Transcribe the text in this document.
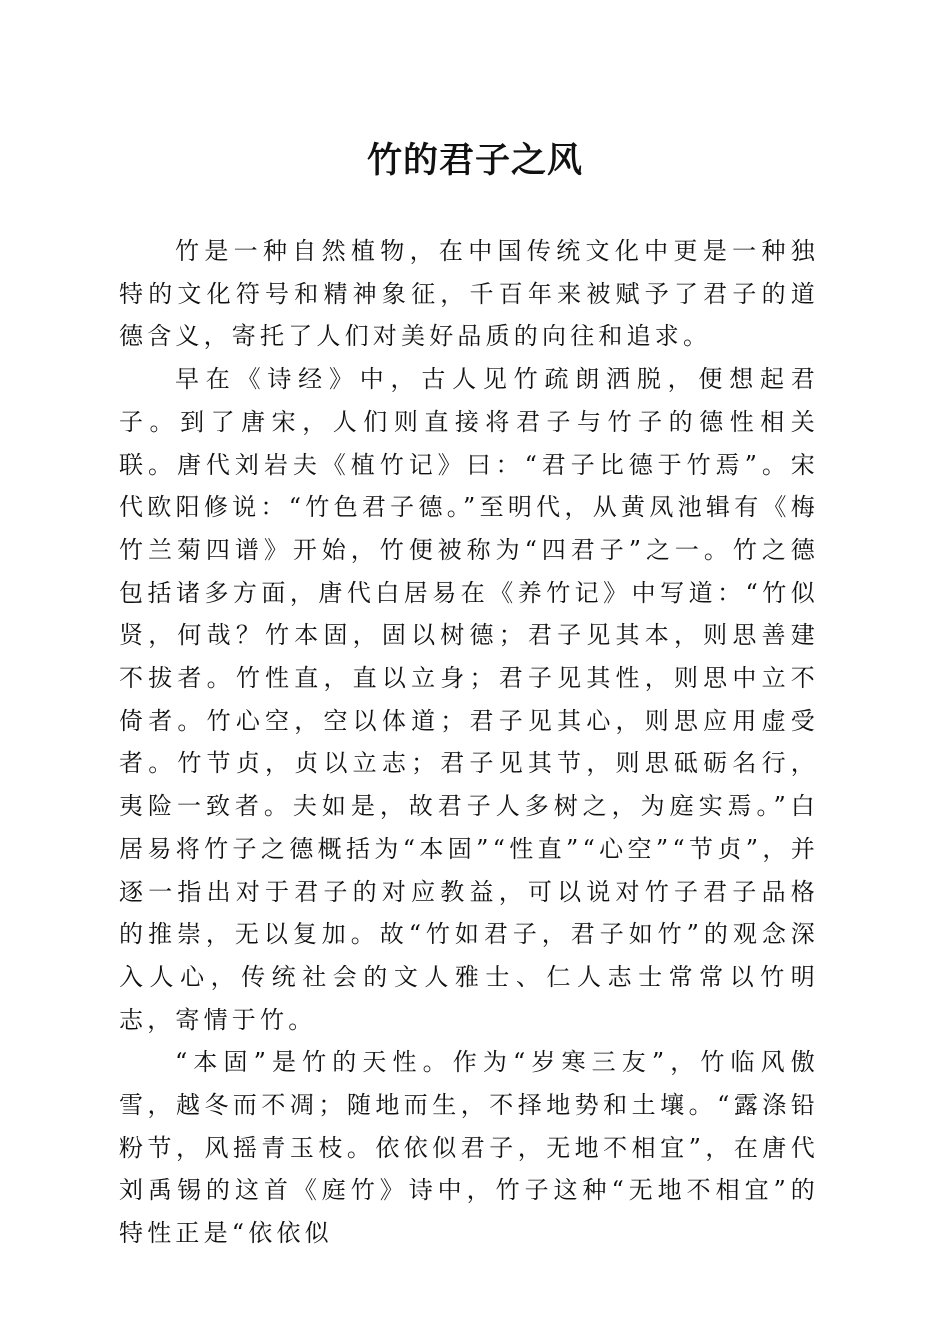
竹的君子之风

竹是一种自然植物，在中国传统文化中更是一种独特的文化符号和精神象征，千百年来被赋予了君子的道德含义，寄托了人们对美好品质的向往和追求。

早在《诗经》中，古人见竹疏朗洒脱，便想起君子。到了唐宋，人们则直接将君子与竹子的德性相关联。唐代刘岩夫《植竹记》曰：“君子比德于竹焉”。宋代欧阳修说：“竹色君子德。”至明代，从黄凤池辑有《梅竹兰菊四谱》开始，竹便被称为“四君子”之一。竹之德包括诸多方面，唐代白居易在《养竹记》中写道：“竹似贤，何哉？竹本固，固以树德；君子见其本，则思善建不拔者。竹性直，直以立身；君子见其性，则思中立不倚者。竹心空，空以体道；君子见其心，则思应用虚受者。竹节贞，贞以立志；君子见其节，则思砥砺名行，夷险一致者。夫如是，故君子人多树之，为庭实焉。”白居易将竹子之德概括为“本固”“性直”“心空”“节贞”，并逐一指出对于君子的对应教益，可以说对竹子君子品格的推崇，无以复加。故“竹如君子，君子如竹”的观念深入人心，传统社会的文人雅士、仁人志士常常以竹明志，寄情于竹。

“本固”是竹的天性。作为“岁寒三友”，竹临风傲雪，越冬而不凋；随地而生，不择地势和土壤。“露涤铅粉节，风摇青玉枝。依依似君子，无地不相宜”，在唐代刘禹锡的这首《庭竹》诗中，竹子这种“无地不相宜”的特性正是“依依似
